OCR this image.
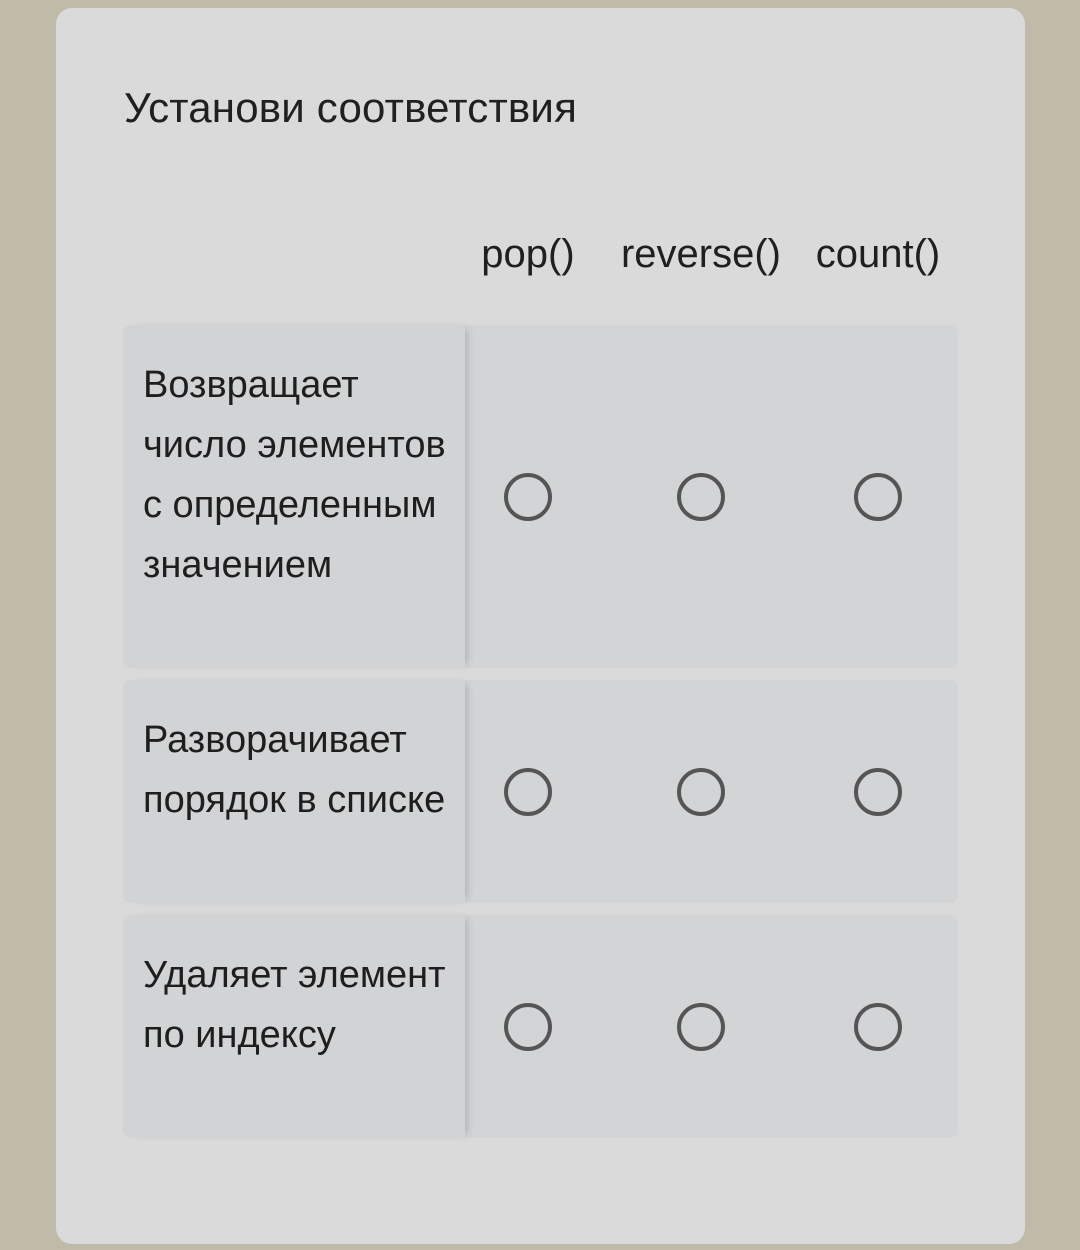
Установи соответствия
pop() reverse() count()
Возвращает число элементов с определенным значением
Разворачивает порядок в списке
Удаляет элемент по индексу
